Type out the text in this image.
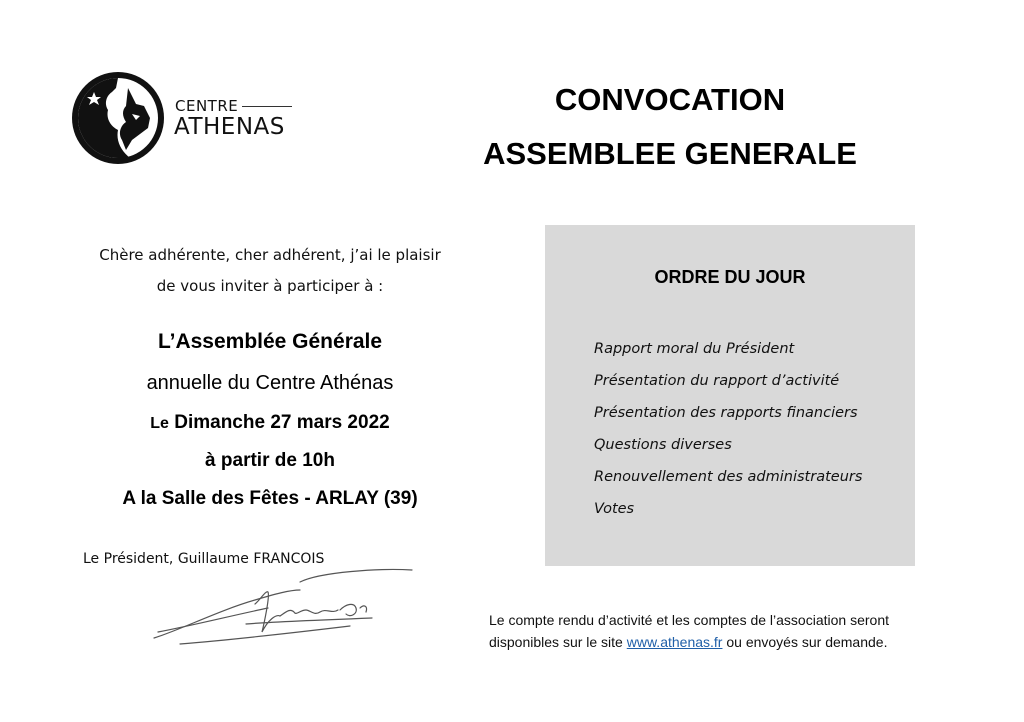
CENTRE
ATHENAS
CONVOCATION
ASSEMBLEE GENERALE
Chère adhérente, cher adhérent, j’ai le plaisir
de vous inviter à participer à :
L’Assemblée Générale
annuelle du Centre Athénas
Le Dimanche 27 mars 2022
à partir de 10h
A la Salle des Fêtes - ARLAY (39)
Le Président, Guillaume FRANCOIS
ORDRE DU JOUR
Rapport moral du Président
Présentation du rapport d’activité
Présentation des rapports financiers
Questions diverses
Renouvellement des administrateurs
Votes
Le compte rendu d’activité et les comptes de l’association seront
disponibles sur le site www.athenas.fr ou envoyés sur demande.
